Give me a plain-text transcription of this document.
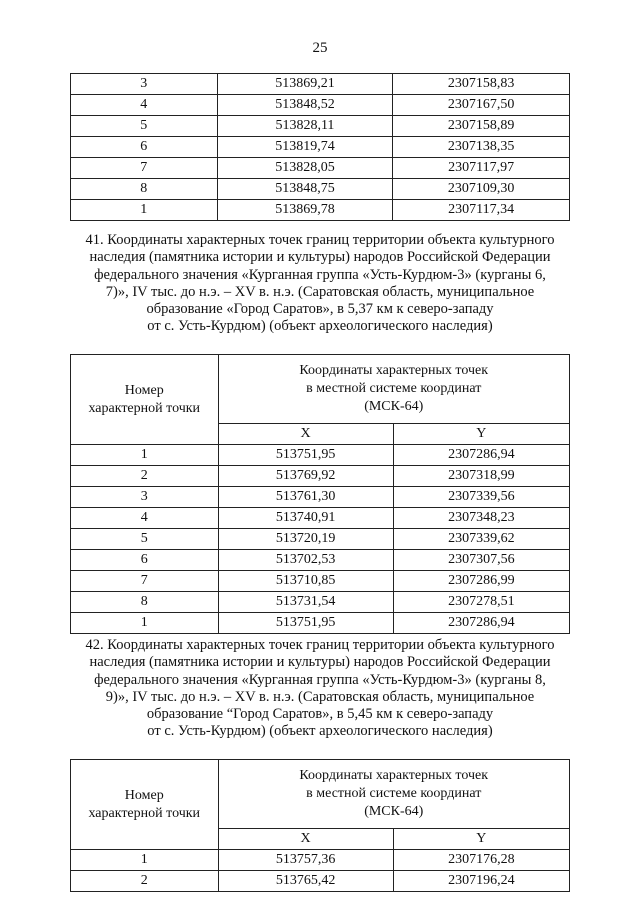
25
3	513869,21	2307158,83
4	513848,52	2307167,50
5	513828,11	2307158,89
6	513819,74	2307138,35
7	513828,05	2307117,97
8	513848,75	2307109,30
1	513869,78	2307117,34
41. Координаты характерных точек границ территории объекта культурного
наследия (памятника истории и культуры) народов Российской Федерации
федерального значения «Курганная группа «Усть-Курдюм-3» (курганы 6,
7)», IV тыс. до н.э. – XV в. н.э. (Саратовская область, муниципальное
образование «Город Саратов», в 5,37 км к северо-западу
от с. Усть-Курдюм) (объект археологического наследия)
Номер
характерной точки	Координаты характерных точек
в местной системе координат
(МСК-64)	
	X	Y
1	513751,95	2307286,94
2	513769,92	2307318,99
3	513761,30	2307339,56
4	513740,91	2307348,23
5	513720,19	2307339,62
6	513702,53	2307307,56
7	513710,85	2307286,99
8	513731,54	2307278,51
1	513751,95	2307286,94
42. Координаты характерных точек границ территории объекта культурного
наследия (памятника истории и культуры) народов Российской Федерации
федерального значения «Курганная группа «Усть-Курдюм-3» (курганы 8,
9)», IV тыс. до н.э. – XV в. н.э. (Саратовская область, муниципальное
образование “Город Саратов», в 5,45 км к северо-западу
от с. Усть-Курдюм) (объект археологического наследия)
Номер
характерной точки	Координаты характерных точек
в местной системе координат
(МСК-64)	
	X	Y
1	513757,36	2307176,28
2	513765,42	2307196,24
